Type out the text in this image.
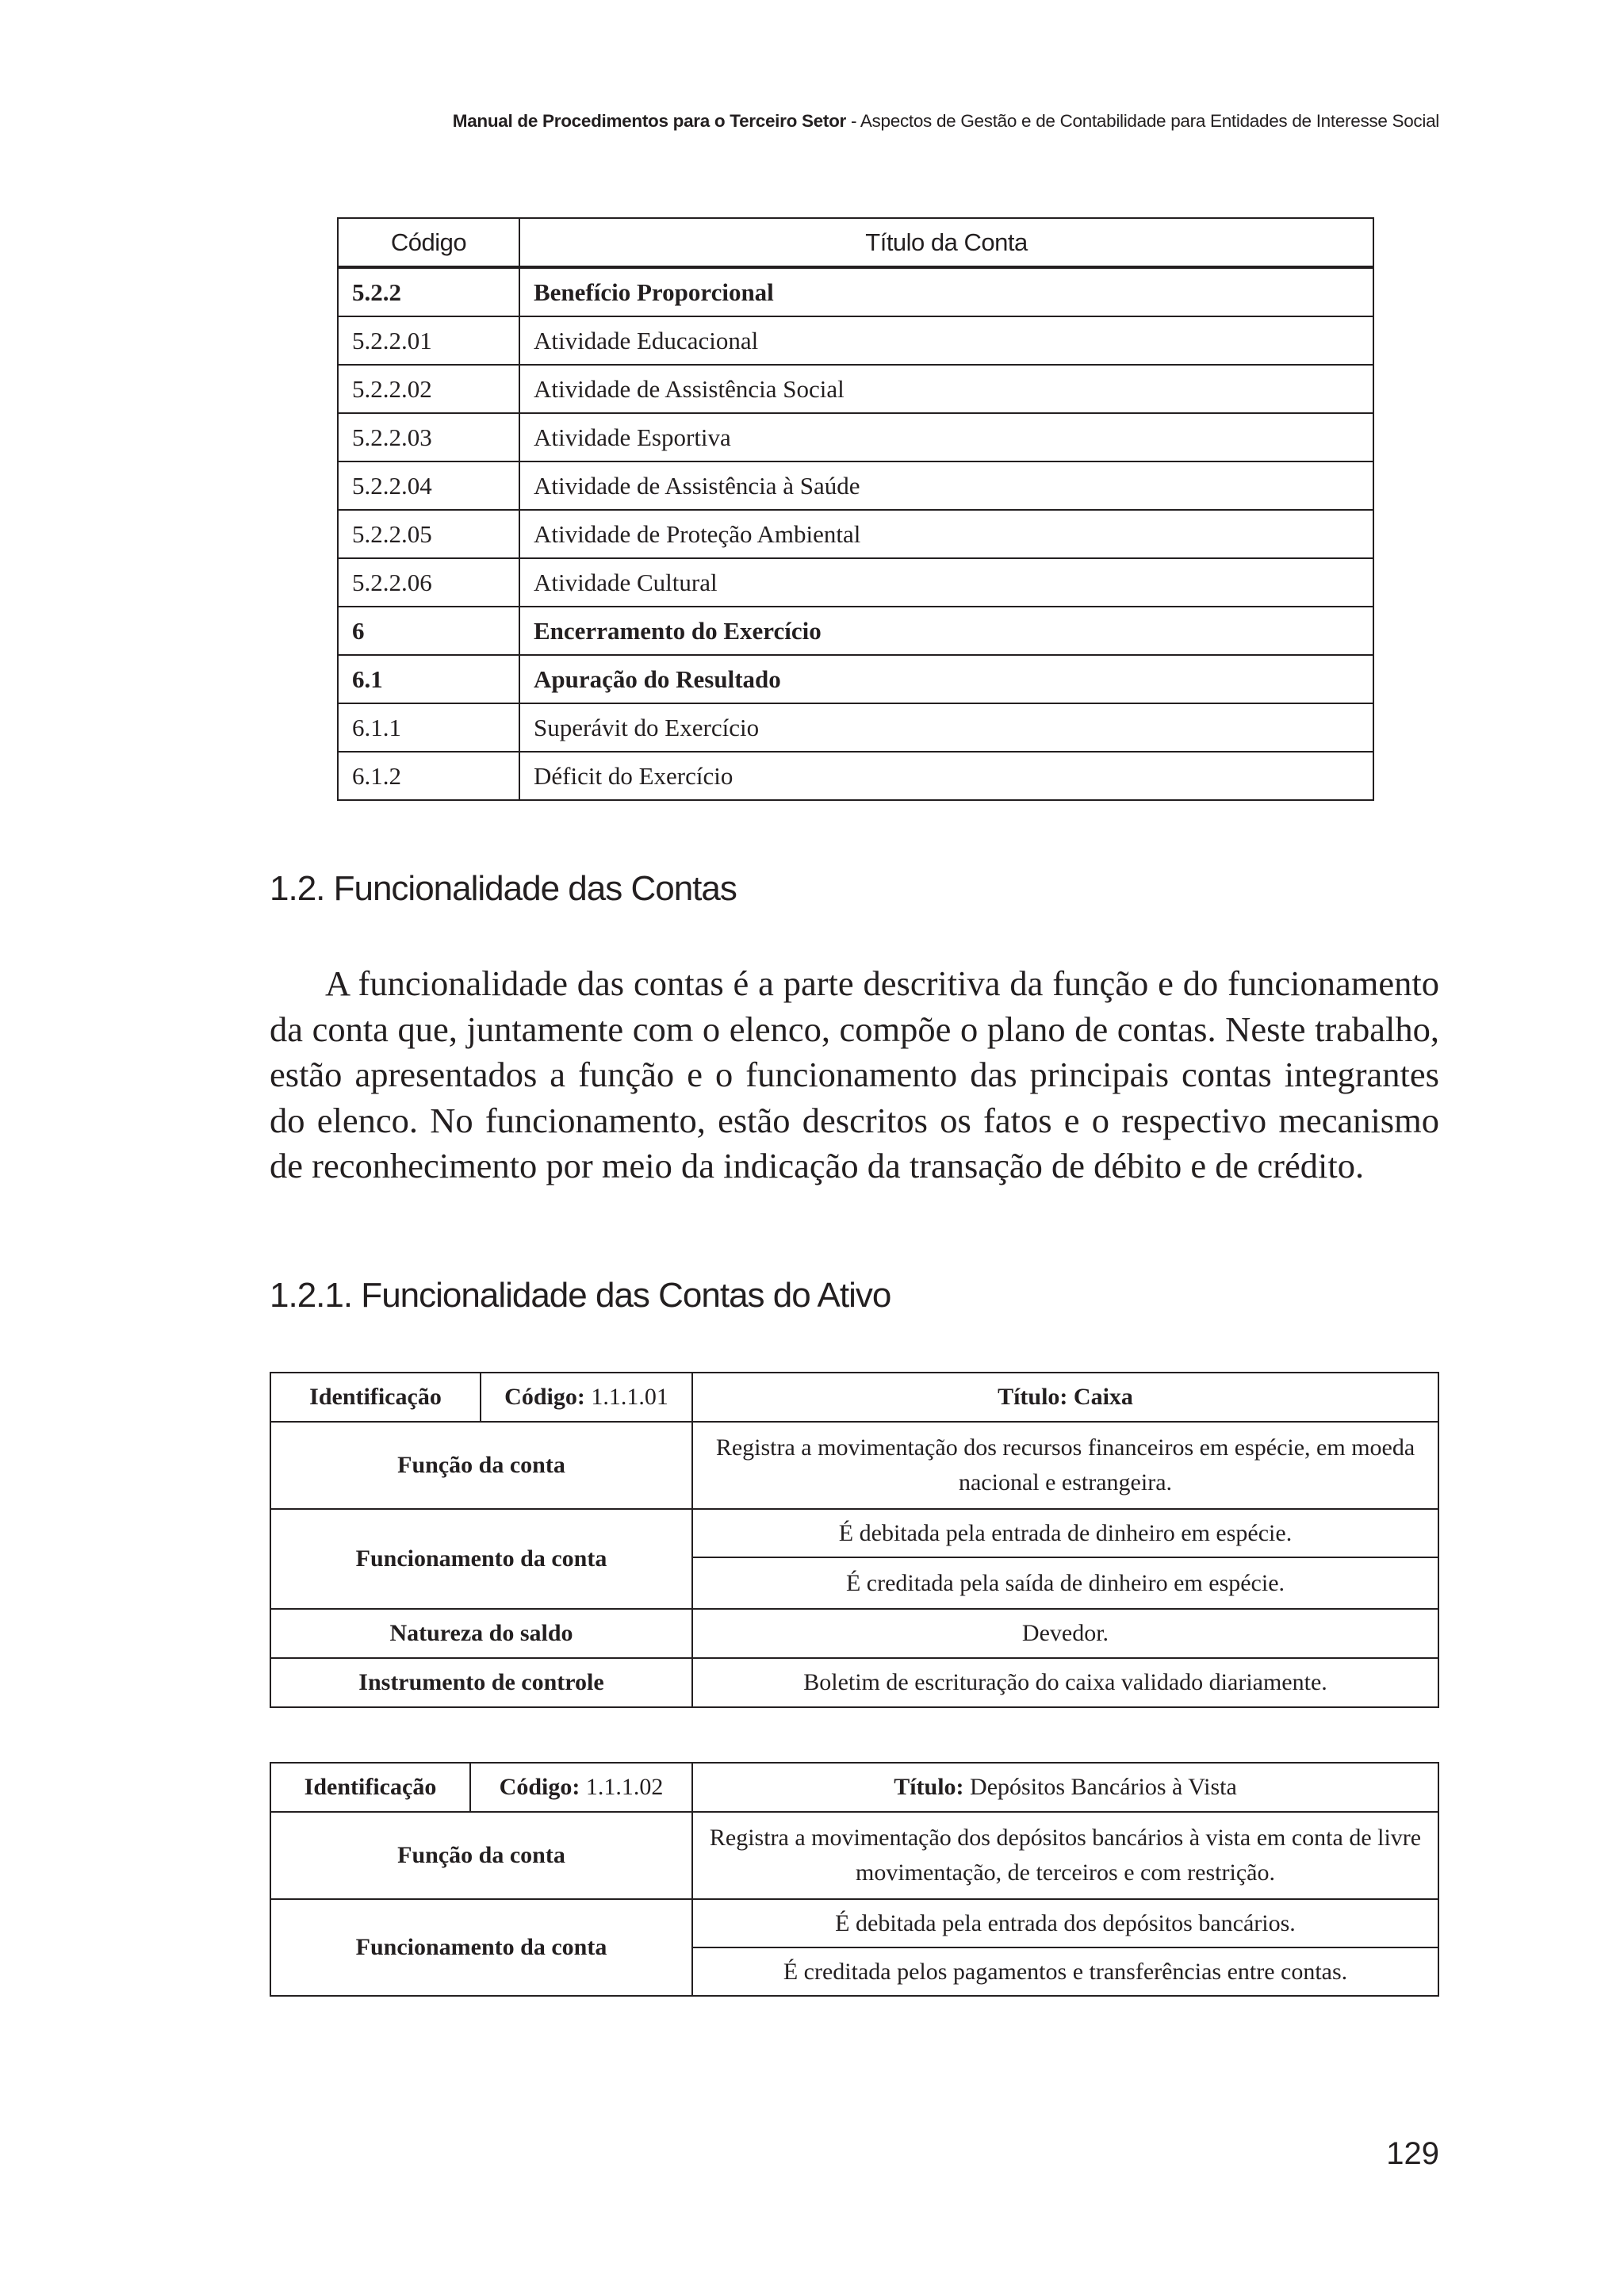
Manual de Procedimentos para o Terceiro Setor - Aspectos de Gestão e de Contabilidade para Entidades de Interesse Social
Código	Título da Conta
5.2.2	Benefício Proporcional
5.2.2.01	Atividade Educacional
5.2.2.02	Atividade de Assistência Social
5.2.2.03	Atividade Esportiva
5.2.2.04	Atividade de Assistência à Saúde
5.2.2.05	Atividade de Proteção Ambiental
5.2.2.06	Atividade Cultural
6	Encerramento do Exercício
6.1	Apuração do Resultado
6.1.1	Superávit do Exercício
6.1.2	Déficit do Exercício
1.2. Funcionalidade das Contas

A funcionalidade das contas é a parte descritiva da função e do funcionamento da conta que, juntamente com o elenco, compõe o plano de contas. Neste trabalho, estão apresentados a função e o funcionamento das principais contas integrantes do elenco. No funcionamento, estão descritos os fatos e o respectivo mecanismo de reconhecimento por meio da indicação da transação de débito e de crédito.

1.2.1. Funcionalidade das Contas do Ativo
Identificação	Código: 1.1.1.01	Título: Caixa
Função da conta		Registra a movimentação dos recursos financeiros em espécie, em moeda nacional e estrangeira.
Funcionamento da conta		É debitada pela entrada de dinheiro em espécie.
		É creditada pela saída de dinheiro em espécie.
Natureza do saldo		Devedor.
Instrumento de controle		Boletim de escrituração do caixa validado diariamente.
Identificação	Código: 1.1.1.02	Título: Depósitos Bancários à Vista
Função da conta		Registra a movimentação dos depósitos bancários à vista em conta de livre movimentação, de terceiros e com restrição.
Funcionamento da conta		É debitada pela entrada dos depósitos bancários.
		É creditada pelos pagamentos e transferências entre contas.
129
